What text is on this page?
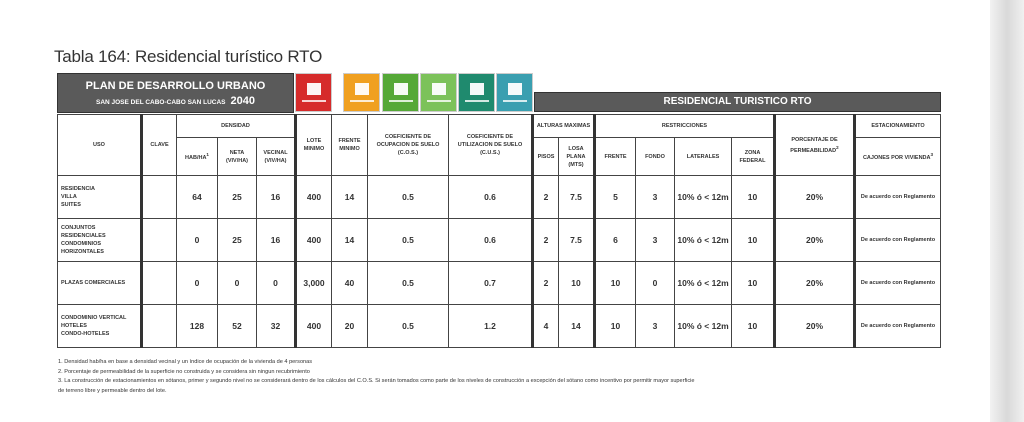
Tabla 164: Residencial turístico RTO
PLAN DE DESARROLLO URBANO
SAN JOSE DEL CABO-CABO SAN LUCAS 2040	RESIDENCIAL TURISTICO RTO
USO	CLAVE	DENSIDAD			LOTE MINIMO	FRENTE MINIMO	COEFICIENTE DE OCUPACION DE SUELO (C.O.S.)	COEFICIENTE DE UTILIZACION DE SUELO (C.U.S.)	ALTURAS MAXIMAS		RESTRICCIONES				PORCENTAJE DE PERMEABILIDAD$^2$	ESTACIONAMIENTO
		HAB/$HA^1$	NETA (VIV/HA)	VECINAL (VIV/HA)					PISOS	LOSA PLANA (MTS)	FRENTE	FONDO	LATERALES	ZONA FEDERAL		CAJONES POR VIVIENDA$^3$

RESIDENCIA
VILLA
SUITES		64	25	16	400	14	0.5	0.6	2	7.5	5	3	10% ó < 12m	10	20%	De acuerdo con Reglamento

CONJUNTOS RESIDENCIALES
CONDOMINIOS HORIZONTALES		0	25	16	400	14	0.5	0.6	2	7.5	6	3	10% ó < 12m	10	20%	De acuerdo con Reglamento

PLAZAS COMERCIALES		0	0	0	3,000	40	0.5	0.7	2	10	10	0	10% ó < 12m	10	20%	De acuerdo con Reglamento

CONDOMINIO VERTICAL
HOTELES
CONDO-HOTELES		128	52	32	400	20	0.5	1.2	4	14	10	3	10% ó < 12m	10	20%	De acuerdo con Reglamento
1. Densidad hab/ha en base a densidad vecinal y un índice de ocupación de la vivienda de 4 personas
2. Porcentaje de permeabilidad de la superficie no construida y se considera sin ningun recubrimiento
3. La construcción de estacionamientos en sótanos, primer y segundo nivel no se considerará dentro de los cálculos del C.O.S. Si serán tomados como parte de los niveles de construcción a excepción del sótano como incentivo por permitir mayor superficie
de terreno libre y permeable dentro del lote.
